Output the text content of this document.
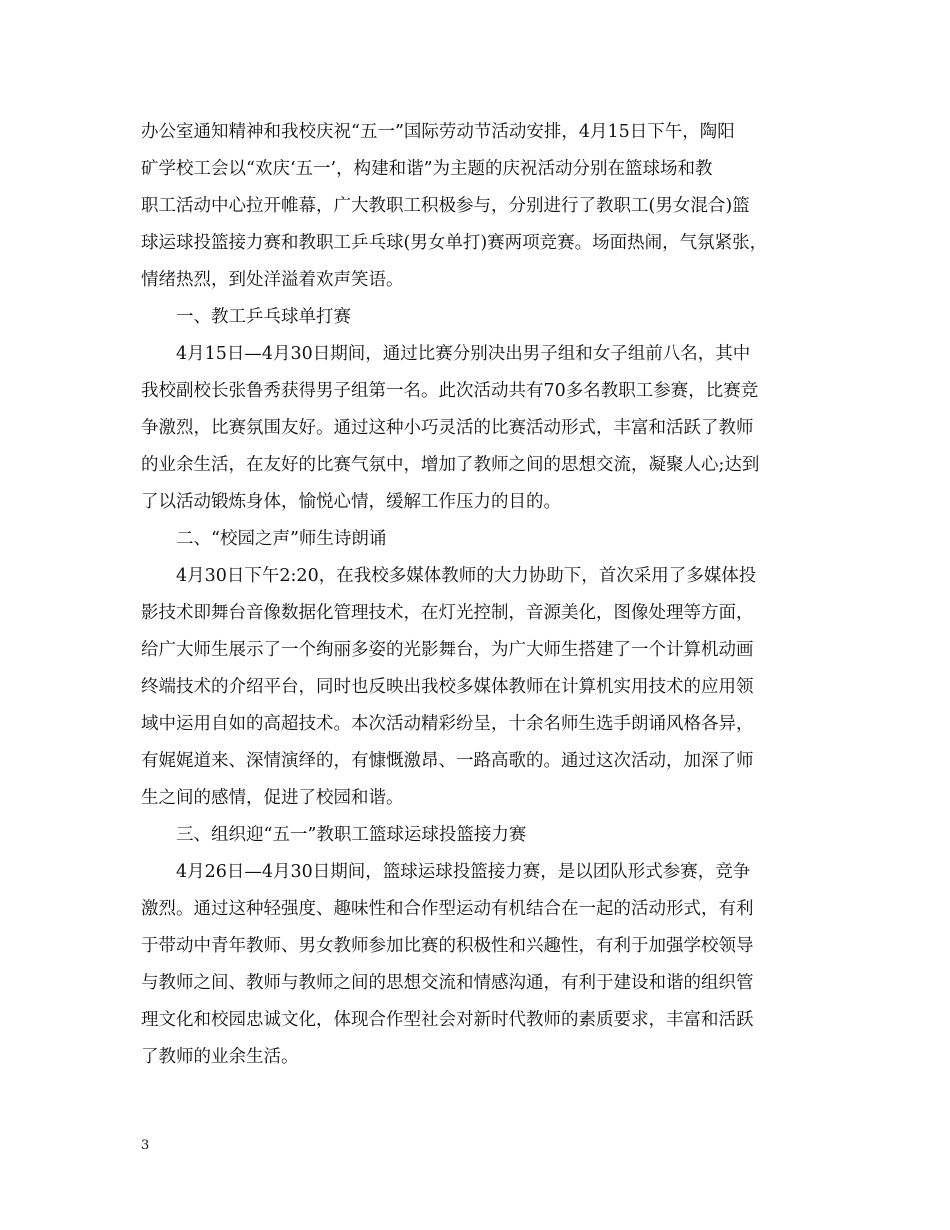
办公室通知精神和我校庆祝“五一”国际劳动节活动安排，4月15日下午，陶阳
矿学校工会以“欢庆‘五一’，构建和谐”为主题的庆祝活动分别在篮球场和教
职工活动中心拉开帷幕，广大教职工积极参与，分别进行了教职工(男女混合)篮
球运球投篮接力赛和教职工乒乓球(男女单打)赛两项竞赛。场面热闹，气氛紧张，
情绪热烈，到处洋溢着欢声笑语。
一、教工乒乓球单打赛
4月15日—4月30日期间，通过比赛分别决出男子组和女子组前八名，其中
我校副校长张鲁秀获得男子组第一名。此次活动共有70多名教职工参赛，比赛竞
争激烈，比赛氛围友好。通过这种小巧灵活的比赛活动形式，丰富和活跃了教师
的业余生活，在友好的比赛气氛中，增加了教师之间的思想交流，凝聚人心;达到
了以活动锻炼身体，愉悦心情，缓解工作压力的目的。
二、“校园之声”师生诗朗诵
4月30日下午2:20，在我校多媒体教师的大力协助下，首次采用了多媒体投
影技术即舞台音像数据化管理技术，在灯光控制，音源美化，图像处理等方面，
给广大师生展示了一个绚丽多姿的光影舞台，为广大师生搭建了一个计算机动画
终端技术的介绍平台，同时也反映出我校多媒体教师在计算机实用技术的应用领
域中运用自如的高超技术。本次活动精彩纷呈，十余名师生选手朗诵风格各异，
有娓娓道来、深情演绎的，有慷慨激昂、一路高歌的。通过这次活动，加深了师
生之间的感情，促进了校园和谐。
三、组织迎“五一”教职工篮球运球投篮接力赛
4月26日—4月30日期间，篮球运球投篮接力赛，是以团队形式参赛，竞争
激烈。通过这种轻强度、趣味性和合作型运动有机结合在一起的活动形式，有利
于带动中青年教师、男女教师参加比赛的积极性和兴趣性，有利于加强学校领导
与教师之间、教师与教师之间的思想交流和情感沟通，有利于建设和谐的组织管
理文化和校园忠诚文化，体现合作型社会对新时代教师的素质要求，丰富和活跃
了教师的业余生活。
3
